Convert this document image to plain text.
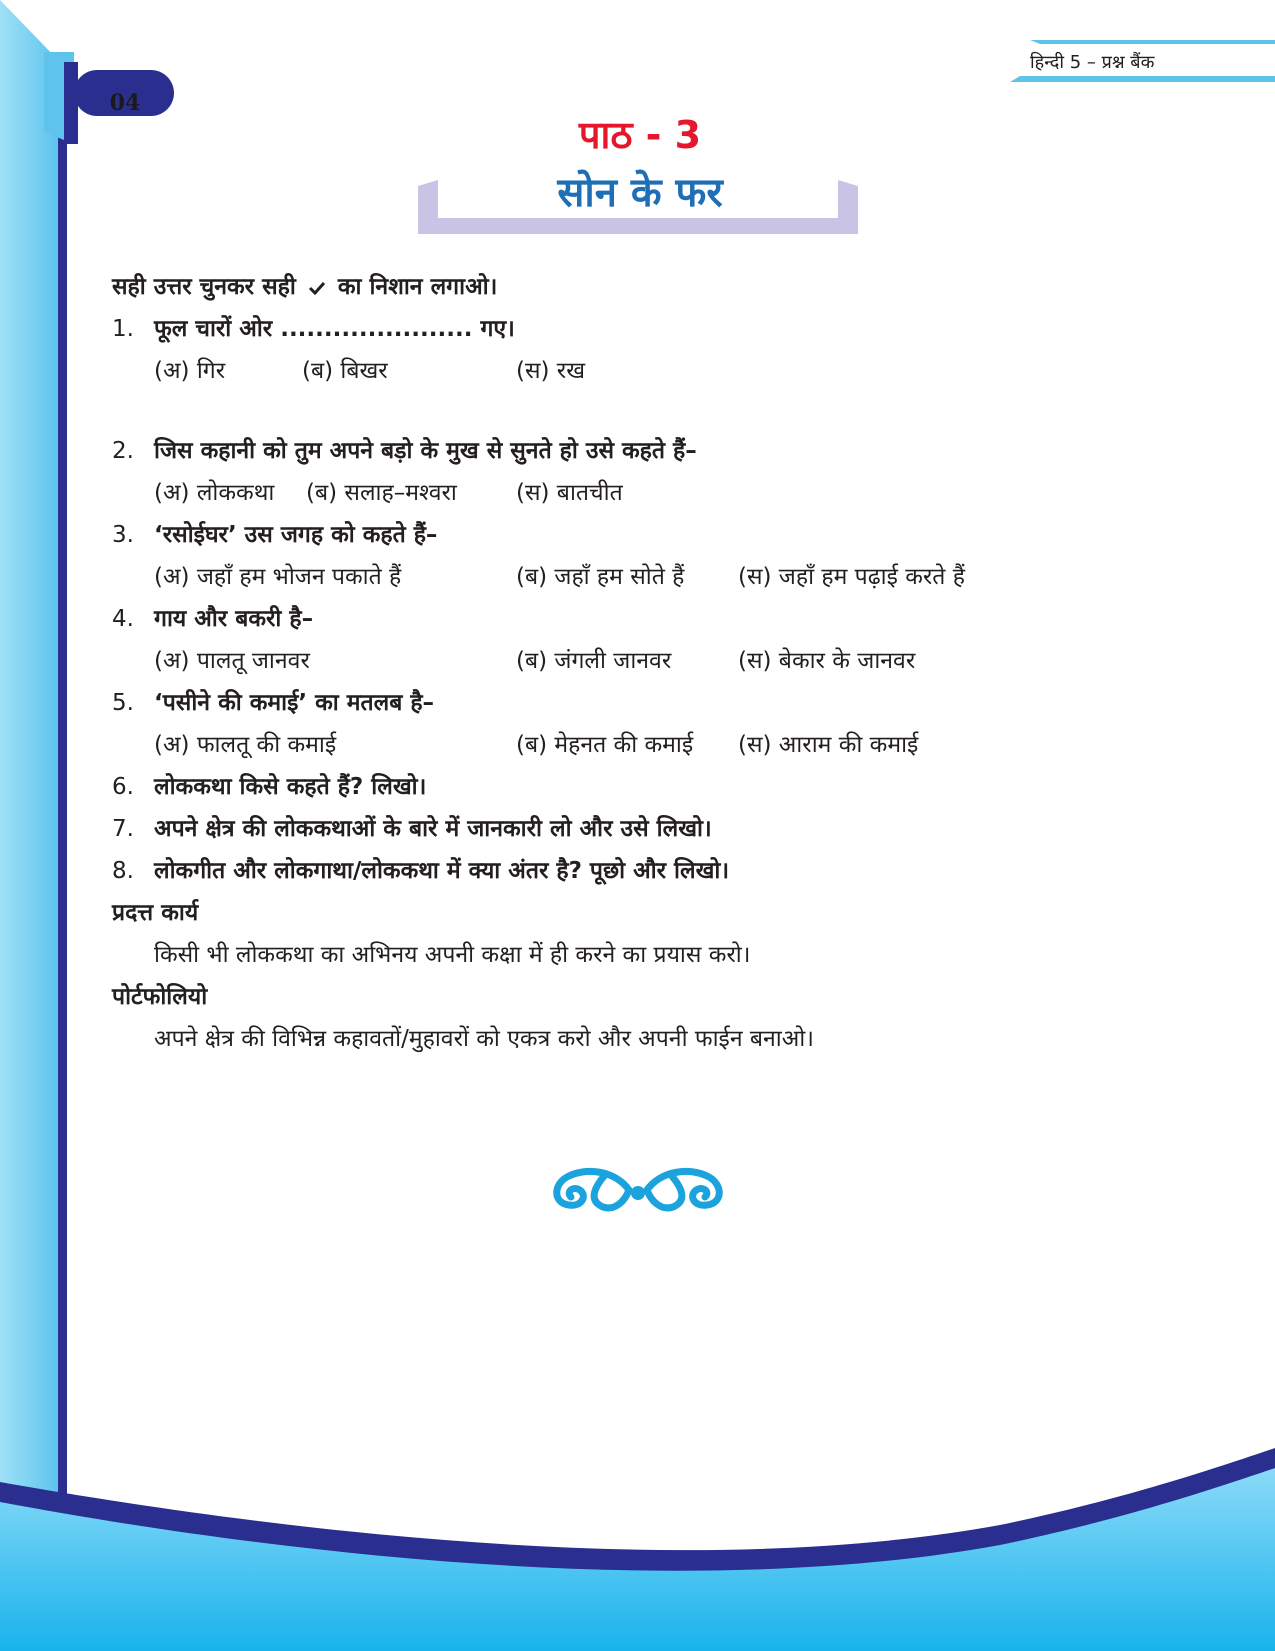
04
हिन्दी 5 – प्रश्न बैंक
पाठ - 3
सोन के फर
सही उत्तर चुनकर सही का निशान लगाओ।
1. फूल चारों ओर ...................... गए।
(अ) गिर	(ब) बिखर	(स) रख
2. जिस कहानी को तुम अपने बड़ो के मुख से सुनते हो उसे कहते हैं–
(अ) लोककथा (ब) सलाह–मश्वरा	(स) बातचीत
3. ‘रसोईघर’ उस जगह को कहते हैं–
(अ) जहाँ हम भोजन पकाते हैं	(ब) जहाँ हम सोते हैं (स) जहाँ हम पढ़ाई करते हैं
4. गाय और बकरी है–
(अ) पालतू जानवर	(ब) जंगली जानवर	(स) बेकार के जानवर
5. ‘पसीने की कमाई’ का मतलब है–
(अ) फालतू की कमाई	(ब) मेहनत की कमाई (स) आराम की कमाई
6. लोककथा किसे कहते हैं? लिखो।
7. अपने क्षेत्र की लोककथाओं के बारे में जानकारी लो और उसे लिखो।
8. लोकगीत और लोकगाथा/लोककथा में क्या अंतर है? पूछो और लिखो।
प्रदत्त कार्य
किसी भी लोककथा का अभिनय अपनी कक्षा में ही करने का प्रयास करो।
पोर्टफोलियो
अपने क्षेत्र की विभिन्न कहावतों/मुहावरों को एकत्र करो और अपनी फाईन बनाओ।
